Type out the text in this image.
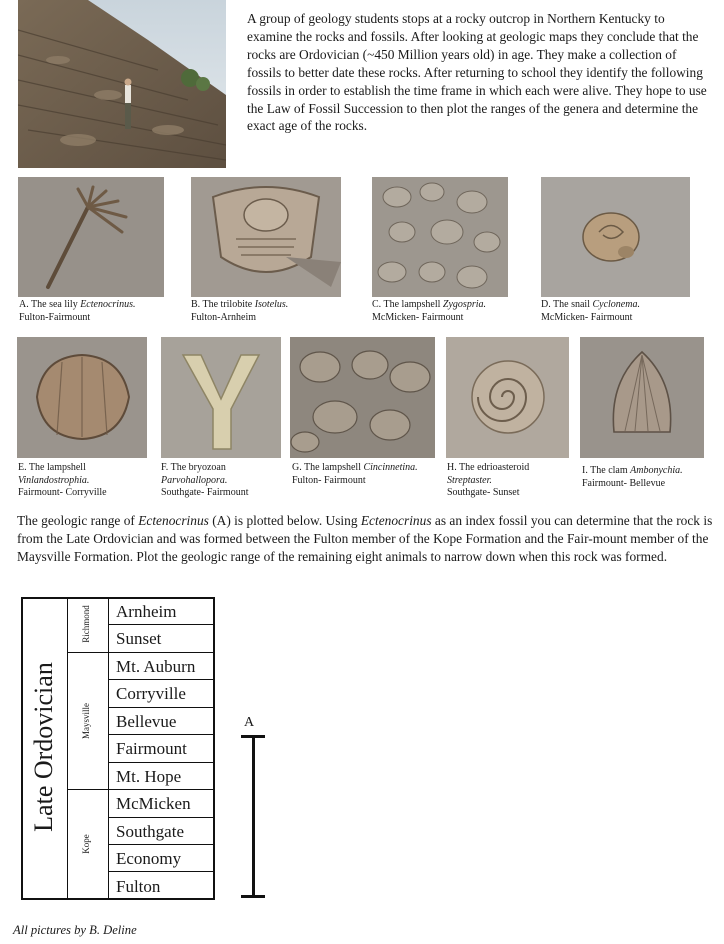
A group of geology students stops at a rocky outcrop in Northern Kentucky to examine the rocks and fossils. After looking at geologic maps they conclude that the rocks are Ordovician (~450 Million years old) in age. They make a collection of fossils to better date these rocks. After returning to school they identify the following fossils in order to establish the time frame in which each were alive. They hope to use the Law of Fossil Succession to then plot the ranges of the genera and determine the exact age of the rocks.
A. The sea lily Ectenocrinus.
Fulton-Fairmount
B. The trilobite Isotelus.
Fulton-Arnheim
C. The lampshell Zygospria.
McMicken- Fairmount
D. The snail Cyclonema.
McMicken- Fairmount
E. The lampshell
Vinlandostrophia.
Fairmount- Corryville
F. The bryozoan
Parvohallopora.
Southgate- Fairmount
G. The lampshell Cincinnetina.
Fulton- Fairmount
H. The edrioasteroid
Streptaster.
Southgate- Sunset
I. The clam Ambonychia.
Fairmount- Bellevue
The geologic range of Ectenocrinus (A) is plotted below. Using Ectenocrinus as an index fossil you can determine that the rock is from the Late Ordovician and was formed between the Fulton member of the Kope Formation and the Fair-mount member of the Maysville Formation. Plot the geologic range of the remaining eight animals to narrow down when this rock was formed.
Late Ordovician
Richmond
Maysville
Kope
Arnheim
Sunset
Mt. Auburn
Corryville
Bellevue
Fairmount
Mt. Hope
McMicken
Southgate
Economy
Fulton
A
All pictures by B. Deline
